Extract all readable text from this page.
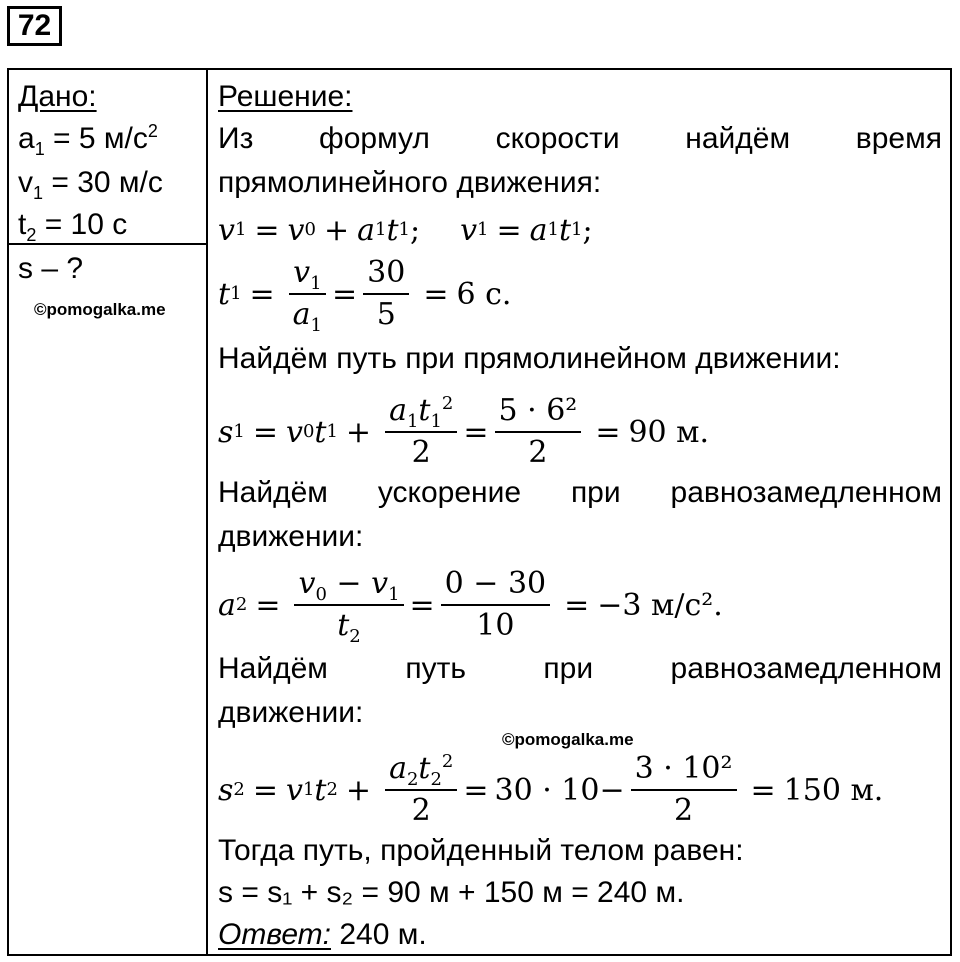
72
Дано:
$a_1 = 5$ $м/с^2$
$v_1 = 30$ м/с
$t_2 = 10$ с
s – ?
©pomogalka.me
Решение:
Из формул скорости найдём время
прямолинейного движения:
v 1 = v 0 + a 1 t 1 ; v 1 = a 1 t 1 ;
t $1 = \frac{v_1}{a_1} = \frac{30}{5} = 6$ с.
Найдём путь при прямолинейном движении:
s 1 = v 0 t $1 + \frac{a_1t_1^2}{2} = \frac{\text{5 · 6²}}{2} = 90$ м.
Найдём ускорение при равнозамедленном
движении:
a $2 = \frac{v_0 - v_1}{t_2} = \frac{0 - 30}{10} = -3$ м/с².
Найдём	путь	при	равнозамедленном
движении:
©pomogalka.me
s 2 = v 1 t $2 + \frac{a_2t_2^2}{2} = 30 \cdot 10 - \frac{\text{3 · 10²}}{2} = 150$ м.
Тогда путь, пройденный телом равен:
s = s₁ + s₂ = 90 м + 150 м = 240 м.
Ответ: 240 м.
